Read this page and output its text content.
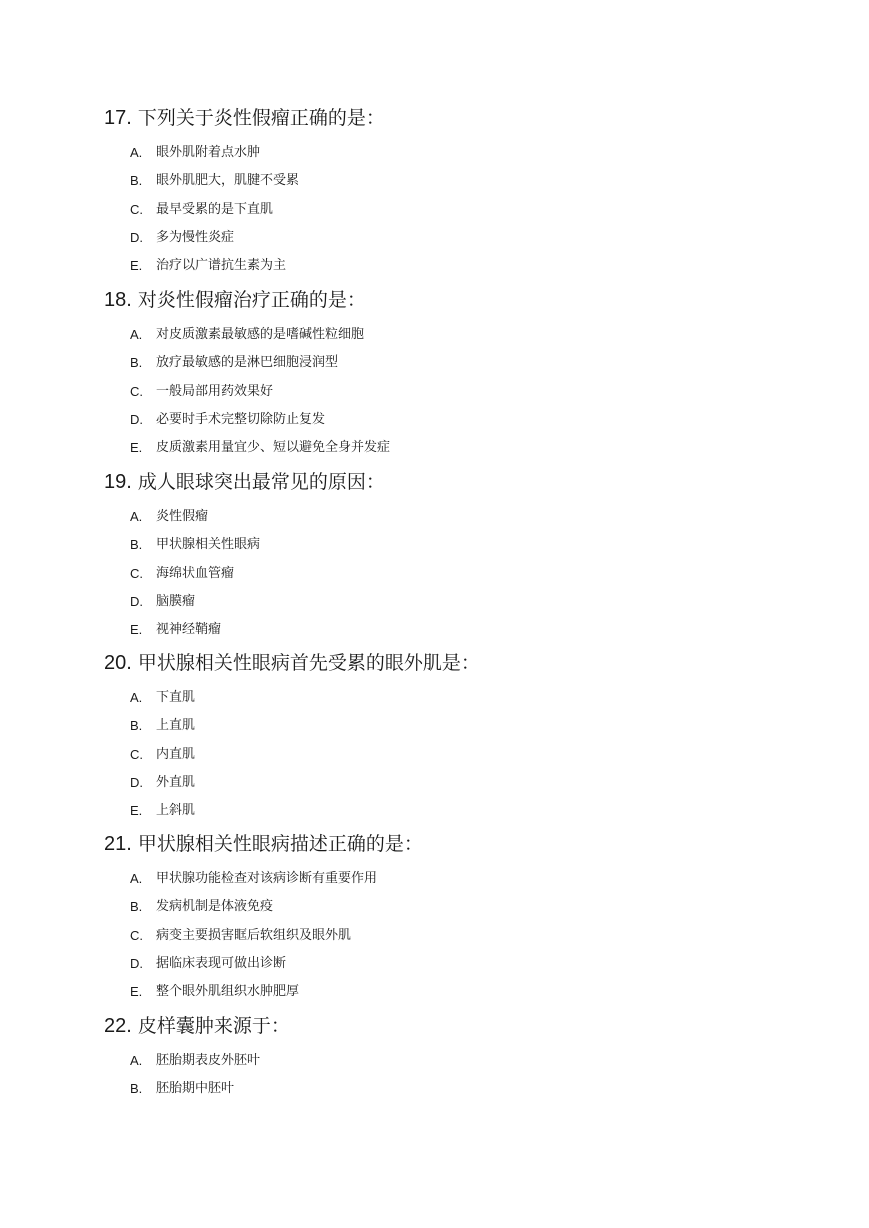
17. 下列关于炎性假瘤正确的是：
A.	眼外肌附着点水肿
B.	眼外肌肥大，肌腱不受累
C.	最早受累的是下直肌
D.	多为慢性炎症
E.	治疗以广谱抗生素为主
18. 对炎性假瘤治疗正确的是：
A.	对皮质激素最敏感的是嗜碱性粒细胞
B.	放疗最敏感的是淋巴细胞浸润型
C.	一般局部用药效果好
D.	必要时手术完整切除防止复发
E.	皮质激素用量宜少、短以避免全身并发症
19. 成人眼球突出最常见的原因：
A.	炎性假瘤
B.	甲状腺相关性眼病
C.	海绵状血管瘤
D.	脑膜瘤
E.	视神经鞘瘤
20. 甲状腺相关性眼病首先受累的眼外肌是：
A.	下直肌
B.	上直肌
C.	内直肌
D.	外直肌
E.	上斜肌
21. 甲状腺相关性眼病描述正确的是：
A.	甲状腺功能检查对该病诊断有重要作用
B.	发病机制是体液免疫
C.	病变主要损害眶后软组织及眼外肌
D.	据临床表现可做出诊断
E.	整个眼外肌组织水肿肥厚
22. 皮样囊肿来源于：
A.	胚胎期表皮外胚叶
B.	胚胎期中胚叶
